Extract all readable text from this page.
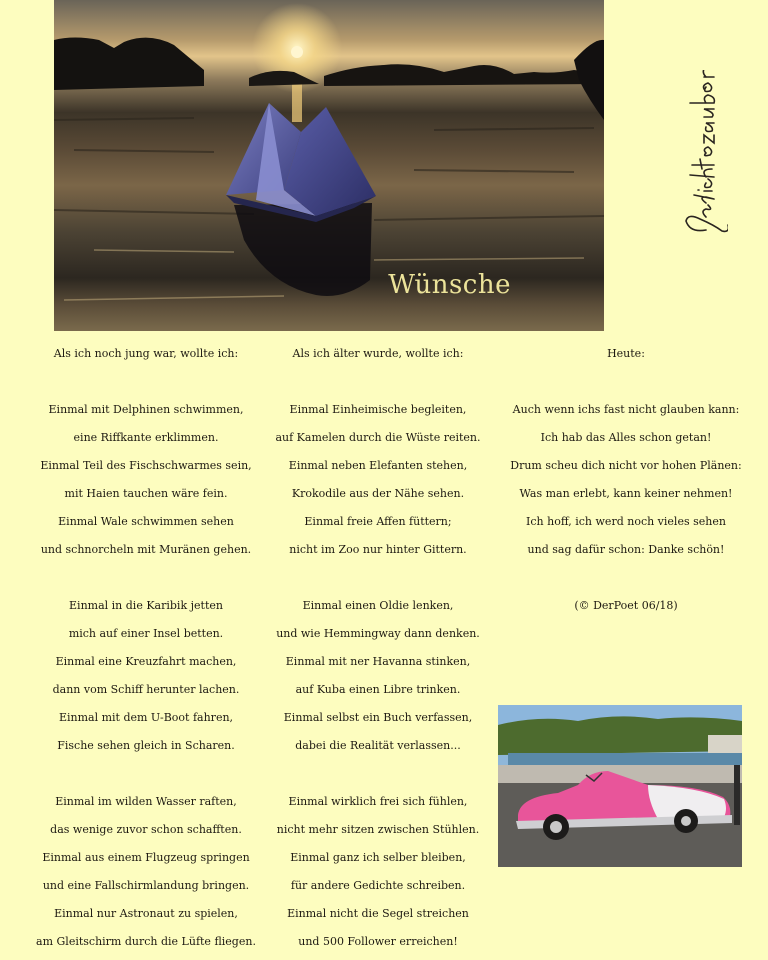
Wünsche
Als ich noch jung war, wollte ich:
Einmal mit Delphinen schwimmen,
eine Riffkante erklimmen.
Einmal Teil des Fischschwarmes sein,
mit Haien tauchen wäre fein.
Einmal Wale schwimmen sehen
und schnorcheln mit Muränen gehen.
Einmal in die Karibik jetten
mich auf einer Insel betten.
Einmal eine Kreuzfahrt machen,
dann vom Schiff herunter lachen.
Einmal mit dem U-Boot fahren,
Fische sehen gleich in Scharen.
Einmal im wilden Wasser raften,
das wenige zuvor schon schafften.
Einmal aus einem Flugzeug springen
und eine Fallschirmlandung bringen.
Einmal nur Astronaut zu spielen,
am Gleitschirm durch die Lüfte fliegen.
Als ich älter wurde, wollte ich:
Einmal Einheimische begleiten,
auf Kamelen durch die Wüste reiten.
Einmal neben Elefanten stehen,
Krokodile aus der Nähe sehen.
Einmal freie Affen füttern;
nicht im Zoo nur hinter Gittern.
Einmal einen Oldie lenken,
und wie Hemmingway dann denken.
Einmal mit ner Havanna stinken,
auf Kuba einen Libre trinken.
Einmal selbst ein Buch verfassen,
dabei die Realität verlassen...
Einmal wirklich frei sich fühlen,
nicht mehr sitzen zwischen Stühlen.
Einmal ganz ich selber bleiben,
für andere Gedichte schreiben.
Einmal nicht die Segel streichen
und 500 Follower erreichen!
Heute:
Auch wenn ichs fast nicht glauben kann:
Ich hab das Alles schon getan!
Drum scheu dich nicht vor hohen Plänen:
Was man erlebt, kann keiner nehmen!
Ich hoff, ich werd noch vieles sehen
und sag dafür schon: Danke schön!
(© DerPoet 06/18)
